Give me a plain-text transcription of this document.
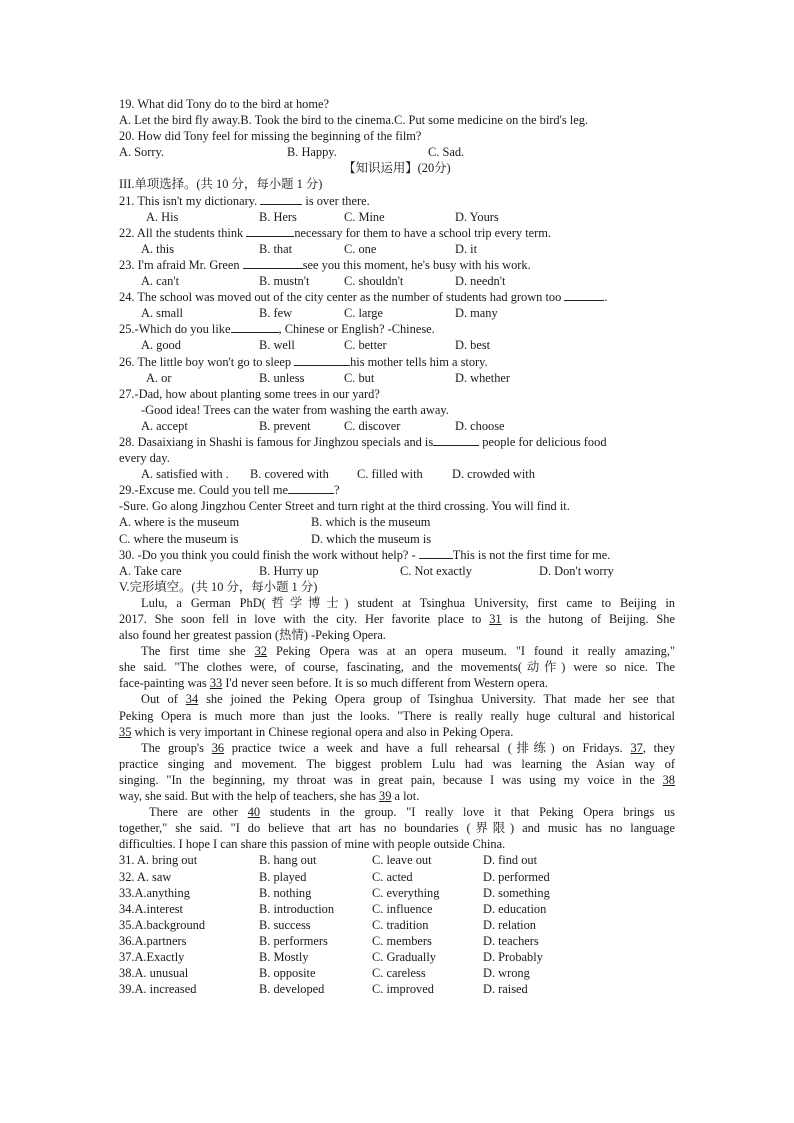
19. What did Tony do to the bird at home?
A. Let the bird fly away.B. Took the bird to the cinema.C. Put some medicine on the bird's leg.
20. How did Tony feel for missing the beginning of the film?
A. Sorry.	B. Happy.	C. Sad.
【知识运用】(20分)
III.单项选择。(共 10 分，每小题 1 分)
21. This isn't my dictionary.	is over there.
A. His	B. Hers	C. Mine	D. Yours
22. All the students think	necessary for them to have a school trip every term.
A. this	B. that	C. one	D. it
23. I'm afraid Mr. Green	see you this moment, he's busy with his work.
A. can't	B. mustn't	C. shouldn't	D. needn't
24. The school was moved out of the city center as the number of students had grown too	.
A. small	B. few	C. large	D. many
25.-Which do you like	, Chinese or English? -Chinese.
A. good	B. well	C. better	D. best
26. The little boy won't go to sleep	his mother tells him a story.
A. or	B. unless	C. but	D. whether
27.-Dad, how about planting some trees in our yard?
-Good idea! Trees can the water from washing the earth away.
A. accept	B. prevent	C. discover	D. choose
28. Dasaixiang in Shashi is famous for Jinghzou specials and is	people for delicious food
every day.
A. satisfied with . B. covered with C. filled with D. crowded with
29.-Excuse me. Could you tell me	?
-Sure. Go along Jingzhou Center Street and turn right at the third crossing. You will find it.
A. where is the museum	B. which is the museum
C. where the museum is	D. which the museum is
30. -Do you think you could finish the work without help? -	This is not the first time for me.
A. Take care	B. Hurry up	C. Not exactly	D. Don't worry
V.完形填空。(共 10 分，每小题 1 分)
Lulu, a German PhD(哲学博士) student at Tsinghua University, first came to Beijing in
2017. She soon fell in love with the city. Her favorite place to 31 is the hutong of Beijing. She
also found her greatest passion (热情) -Peking Opera.
The first time she 32 Peking Opera was at an opera museum. "I found it really amazing,"
she said. "The clothes were, of course, fascinating, and the movements(动作) were so nice. The
face-painting was 33 I'd never seen before. It is so much different from Western opera.
Out of 34 she joined the Peking Opera group of Tsinghua University. That made her see that
Peking Opera is much more than just the looks. "There is really really huge cultural and historical
35 which is very important in Chinese regional opera and also in Peking Opera.
The group's 36 practice twice a week and have a full rehearsal (排练) on Fridays. 37, they
practice singing and movement. The biggest problem Lulu had was learning the Asian way of
singing. "In the beginning, my throat was in great pain, because I was using my voice in the 38
way, she said. But with the help of teachers, she has 39 a lot.
There are other 40 students in the group. "I really love it that Peking Opera brings us
together," she said. "I do believe that art has no boundaries (界限) and music has no language
difficulties. I hope I can share this passion of mine with people outside China.
31. A. bring out	B. hang out	C. leave out	D. find out
32. A. saw	B. played	C. acted	D. performed
33.A.anything	B. nothing	C. everything	D. something
34.A.interest	B. introduction	C. influence	D. education
35.A.background	B. success	C. tradition	D. relation
36.A.partners	B. performers	C. members	D. teachers
37.A.Exactly	B. Mostly	C. Gradually	D. Probably
38.A. unusual	B. opposite	C. careless	D. wrong
39.A. increased	B. developed	C. improved	D. raised
